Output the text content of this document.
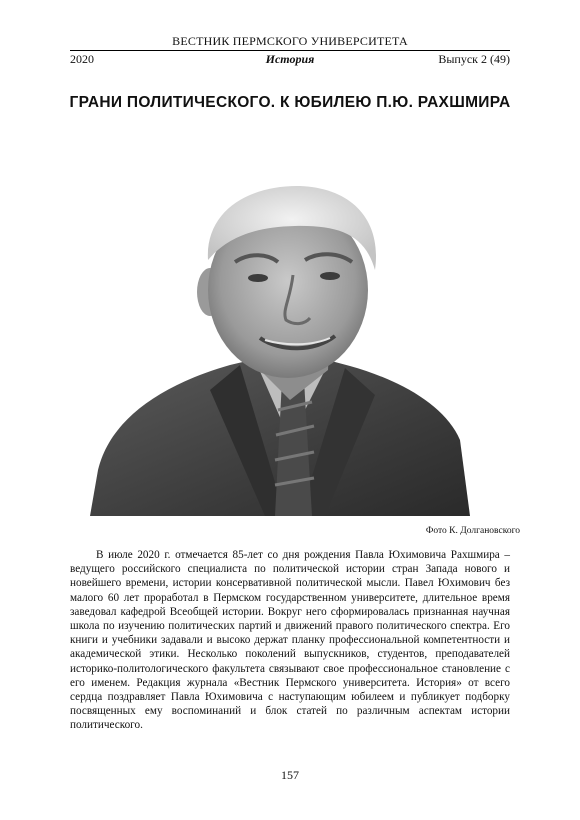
ВЕСТНИК ПЕРМСКОГО УНИВЕРСИТЕТА
2020	История	Выпуск 2 (49)
ГРАНИ ПОЛИТИЧЕСКОГО. К ЮБИЛЕЮ П.Ю. РАХШМИРА
Фото К. Долгановского

В июле 2020 г. отмечается 85-лет со дня рождения Павла Юхимовича Рахшмира – ведущего российского специалиста по политической истории стран Запада нового и новейшего времени, истории консервативной политической мысли. Павел Юхимович без малого 60 лет проработал в Пермском государственном университете, длительное время заведовал кафедрой Всеобщей истории. Вокруг него сформировалась признанная научная школа по изучению политических партий и движений правого политического спектра. Его книги и учебники задавали и высоко держат планку профессиональной компетентности и академической этики. Несколько поколений выпускников, студентов, преподавателей историко-политологического факультета связывают свое профессиональное становление с его именем. Редакция журнала «Вестник Пермского университета. История» от всего сердца поздравляет Павла Юхимовича с наступающим юбилеем и публикует подборку посвященных ему воспоминаний и блок статей по различным аспектам истории политического.

157
